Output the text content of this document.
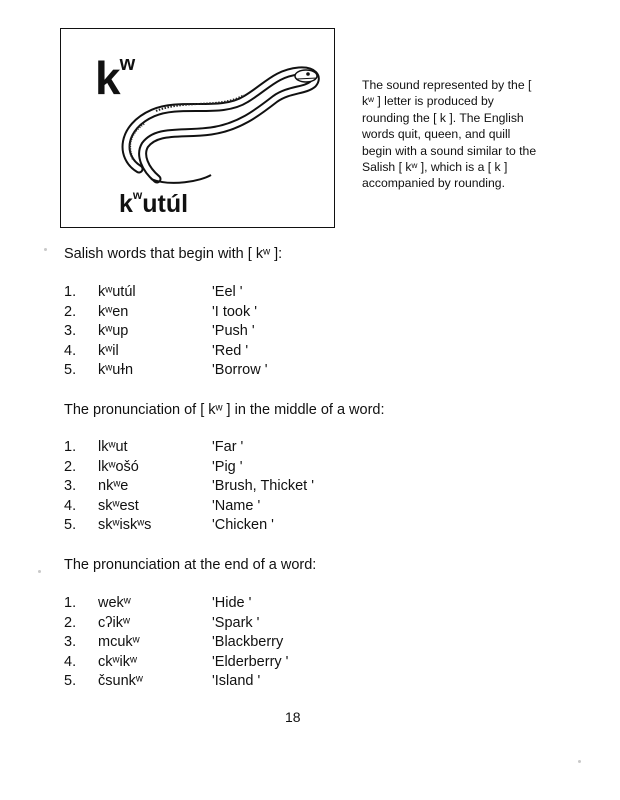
$k^w$
$k^wutúl$
The sound represented by the [ kʷ ] letter is produced by rounding the [ k ]. The English words quit, queen, and quill begin with a sound similar to the Salish [ kʷ ], which is a [ k ] accompanied by rounding.
Salish words that begin with [ kʷ ]:
1. kʷutúl	'Eel '
2. kʷen	'I took '
3. kʷup	'Push '
4. kʷil	'Red '
5. kʷuɫn	'Borrow '
The pronunciation of [ kʷ ] in the middle of a word:
1. lkʷut	'Far '
2. lkʷošó	'Pig '
3. nkʷe	'Brush, Thicket '
4. skʷest	'Name '
5. skʷiskʷs	'Chicken '
The pronunciation at the end of a word:
1. wekʷ	'Hide '
2. cʔikʷ	'Spark '
3. mcukʷ	'Blackberry
4. ckʷikʷ	'Elderberry '
5. čsunkʷ	'Island '
18
